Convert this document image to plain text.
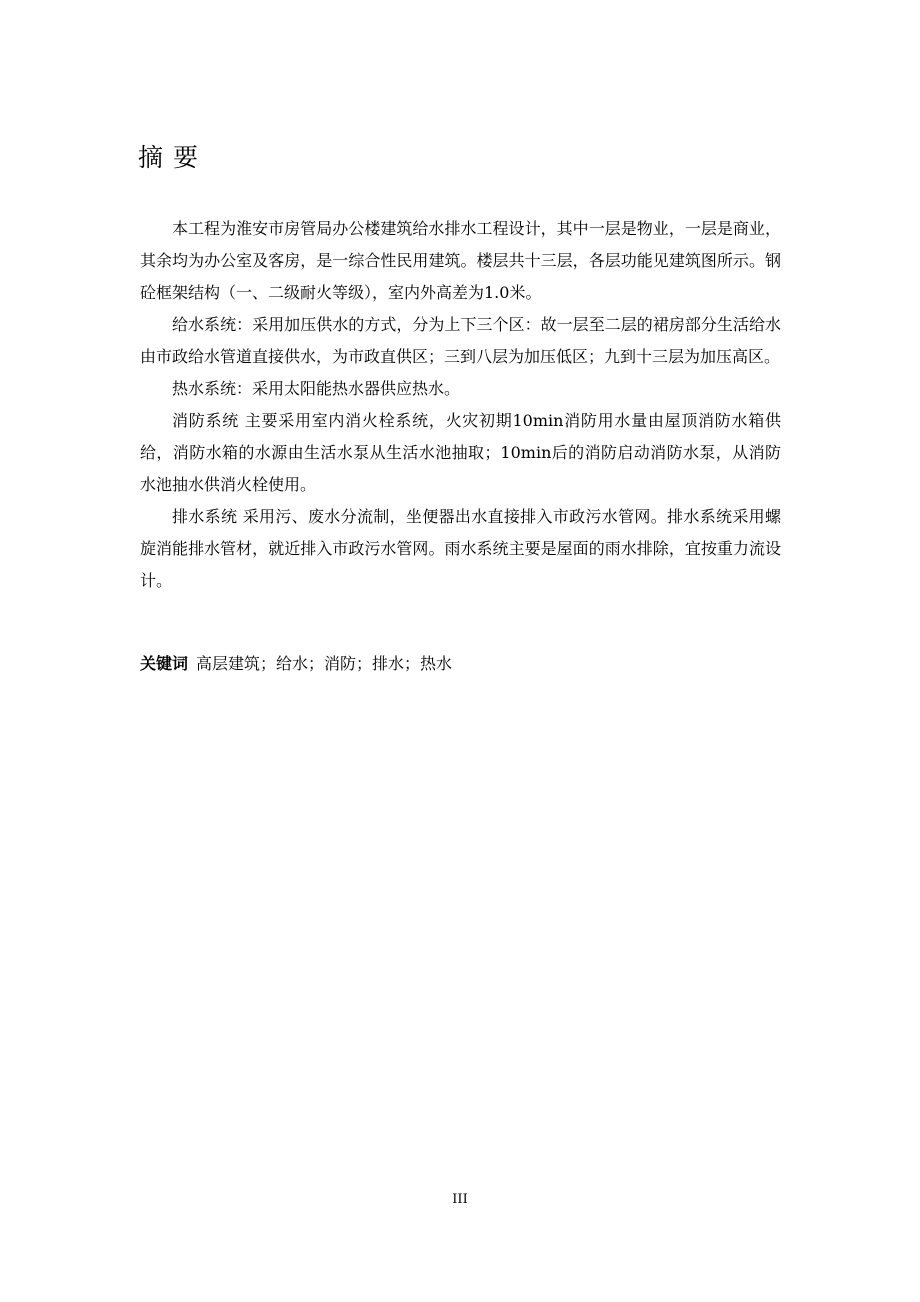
摘要

本工程为淮安市房管局办公楼建筑给水排水工程设计，其中一层是物业，一层是商业，其余均为办公室及客房，是一综合性民用建筑。楼层共十三层，各层功能见建筑图所示。钢砼框架结构（一、二级耐火等级），室内外高差为1.0米。

给水系统：采用加压供水的方式，分为上下三个区：故一层至二层的裙房部分生活给水由市政给水管道直接供水，为市政直供区；三到八层为加压低区；九到十三层为加压高区。

热水系统：采用太阳能热水器供应热水。

消防系统 主要采用室内消火栓系统，火灾初期10min消防用水量由屋顶消防水箱供给，消防水箱的水源由生活水泵从生活水池抽取；10min后的消防启动消防水泵，从消防水池抽水供消火栓使用。

排水系统 采用污、废水分流制，坐便器出水直接排入市政污水管网。排水系统采用螺旋消能排水管材，就近排入市政污水管网。雨水系统主要是屋面的雨水排除，宜按重力流设计。

关键词 高层建筑；给水；消防；排水；热水

III
